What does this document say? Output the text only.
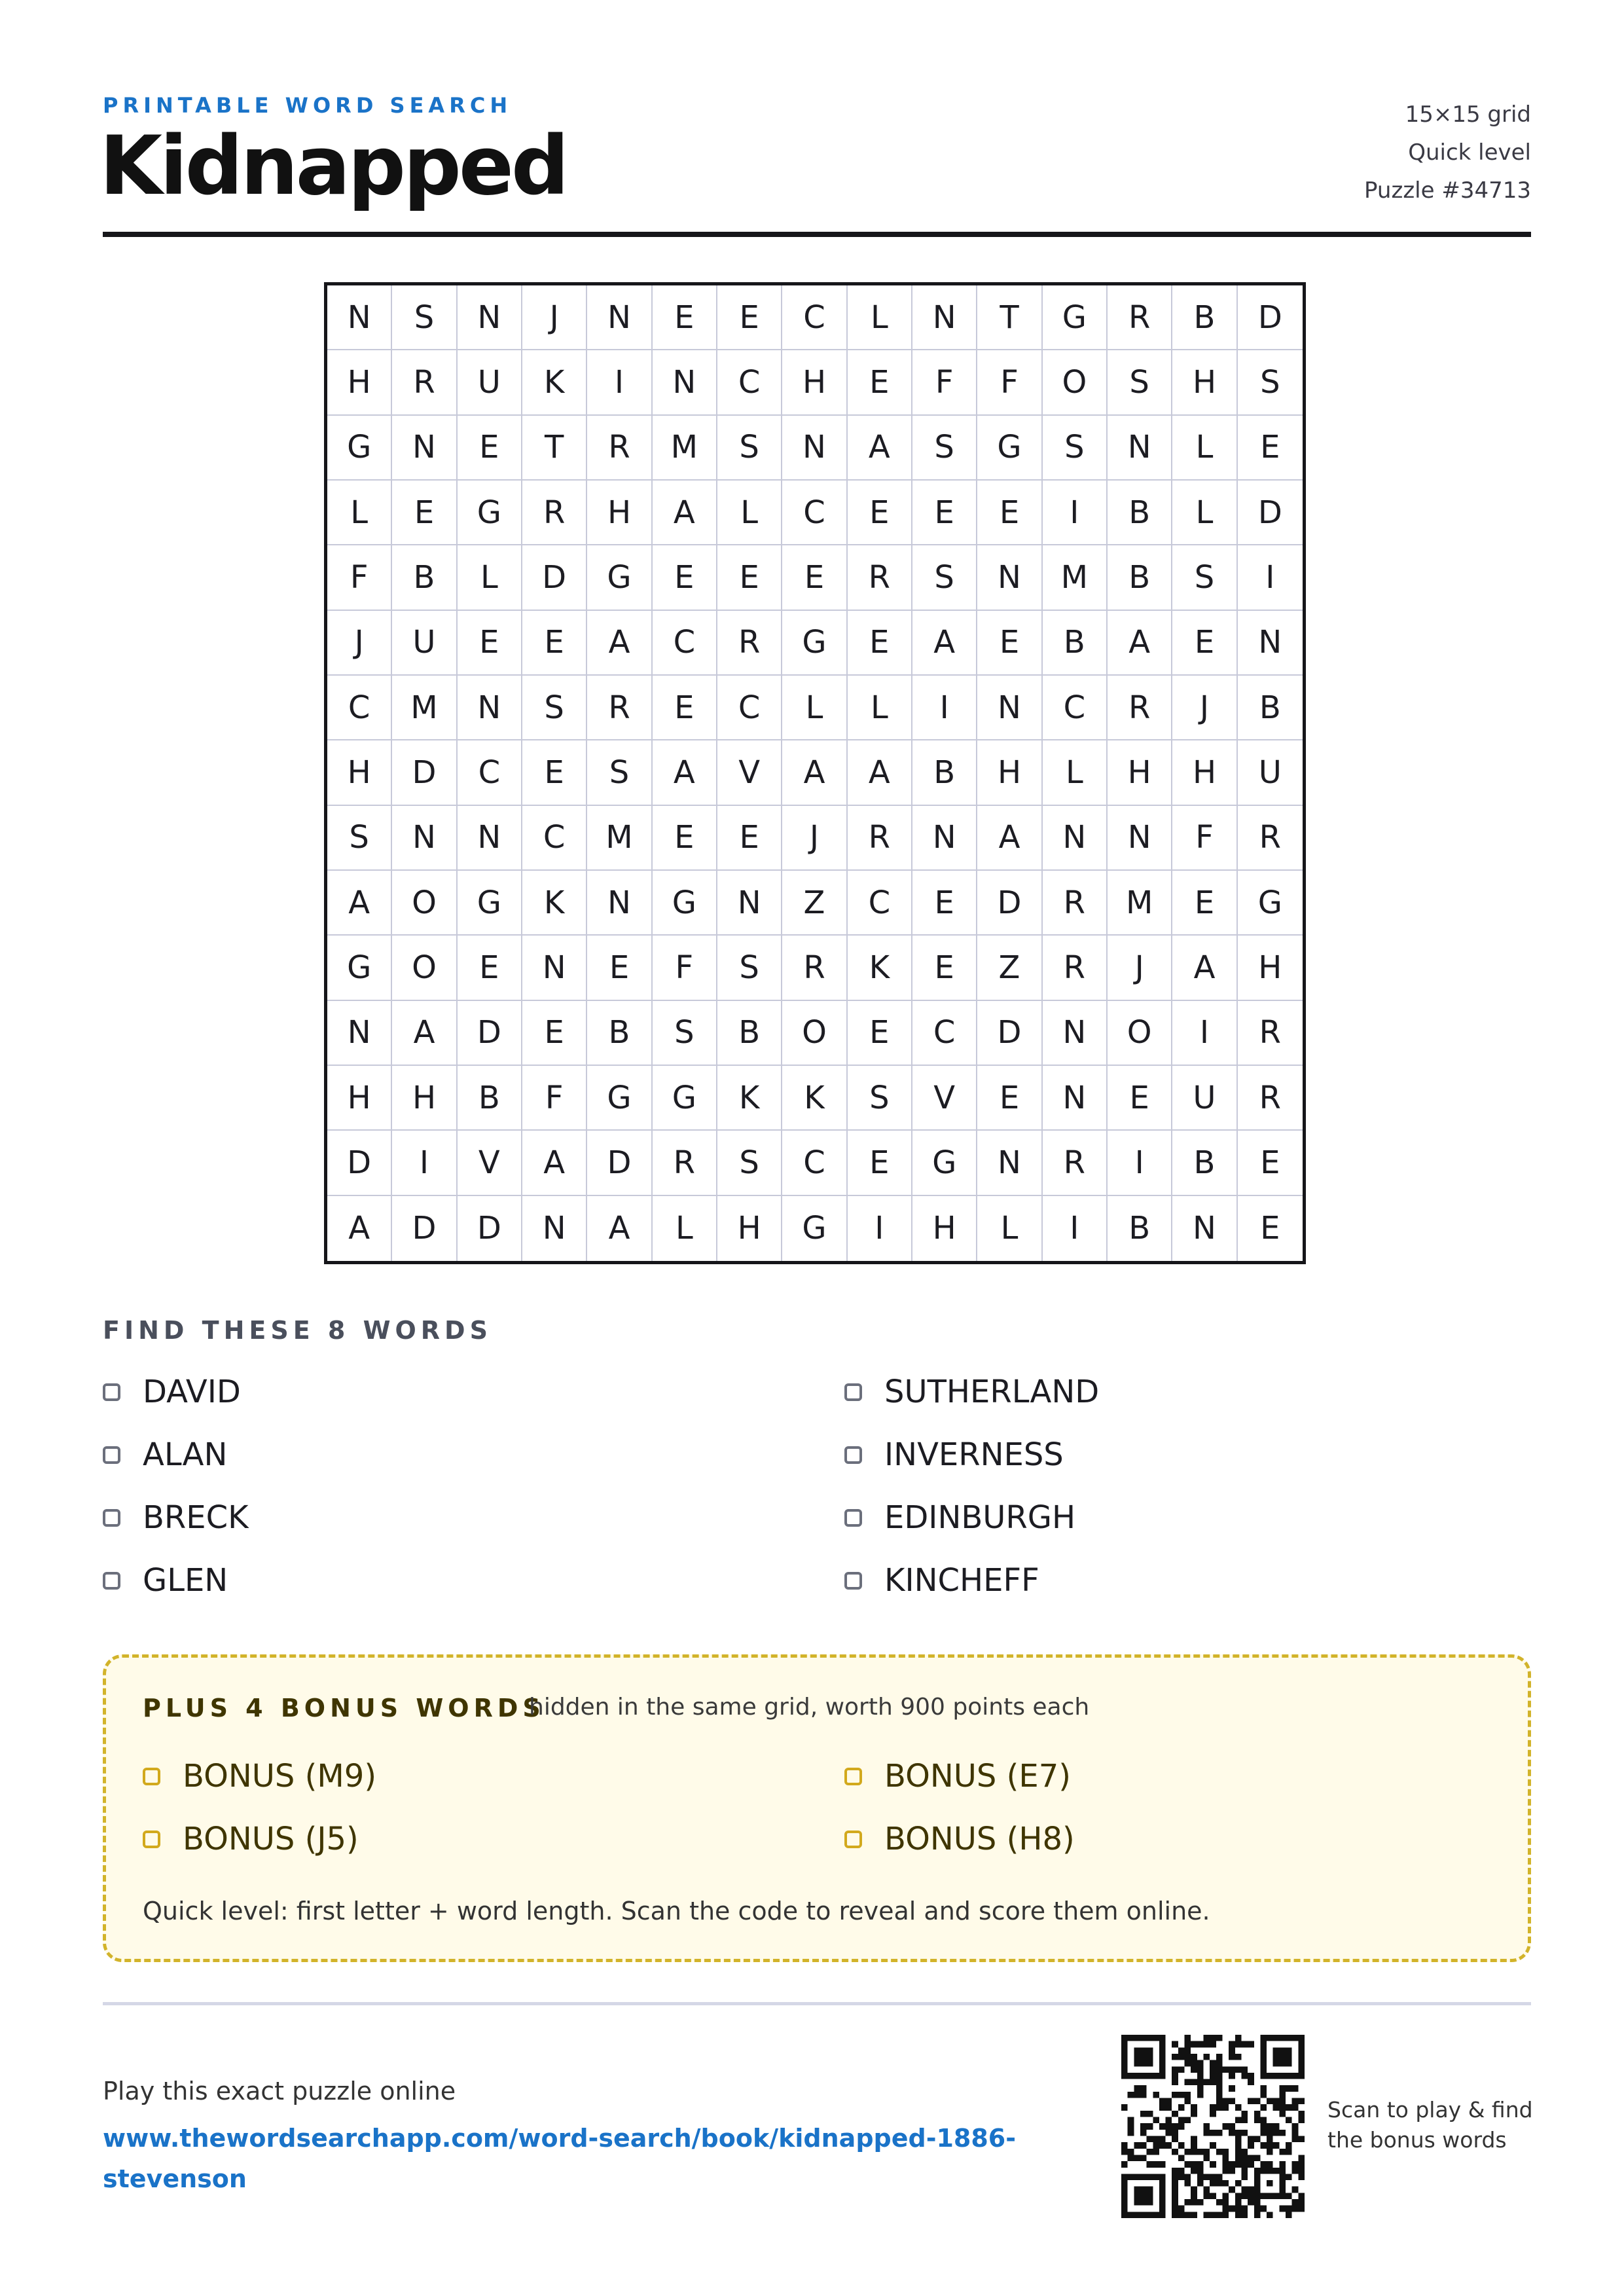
PRINTABLE WORD SEARCH
Kidnapped
15×15 grid
Quick level
Puzzle #34713
N	S	N	J	N	E	E	C	L	N	T	G	R	B	D
H	R	U	K	I	N	C	H	E	F	F	O	S	H	S
G	N	E	T	R	M	S	N	A	S	G	S	N	L	E
L	E	G	R	H	A	L	C	E	E	E	I	B	L	D
F	B	L	D	G	E	E	E	R	S	N	M	B	S	I
J	U	E	E	A	C	R	G	E	A	E	B	A	E	N
C	M	N	S	R	E	C	L	L	I	N	C	R	J	B
H	D	C	E	S	A	V	A	A	B	H	L	H	H	U
S	N	N	C	M	E	E	J	R	N	A	N	N	F	R
A	O	G	K	N	G	N	Z	C	E	D	R	M	E	G
G	O	E	N	E	F	S	R	K	E	Z	R	J	A	H
N	A	D	E	B	S	B	O	E	C	D	N	O	I	R
H	H	B	F	G	G	K	K	S	V	E	N	E	U	R
D	I	V	A	D	R	S	C	E	G	N	R	I	B	E
A	D	D	N	A	L	H	G	I	H	L	I	B	N	E
FIND THESE 8 WORDS
DAVID
ALAN
BRECK
GLEN
SUTHERLAND
INVERNESS
EDINBURGH
KINCHEFF
PLUS 4 BONUS WORDS
hidden in the same grid, worth 900 points each
BONUS (M9)
BONUS (J5)
BONUS (E7)
BONUS (H8)
Quick level: first letter + word length. Scan the code to reveal and score them online.
Play this exact puzzle online
www.thewordsearchapp.com/word-search/book/kidnapped-1886-stevenson
Scan to play & find
the bonus words
